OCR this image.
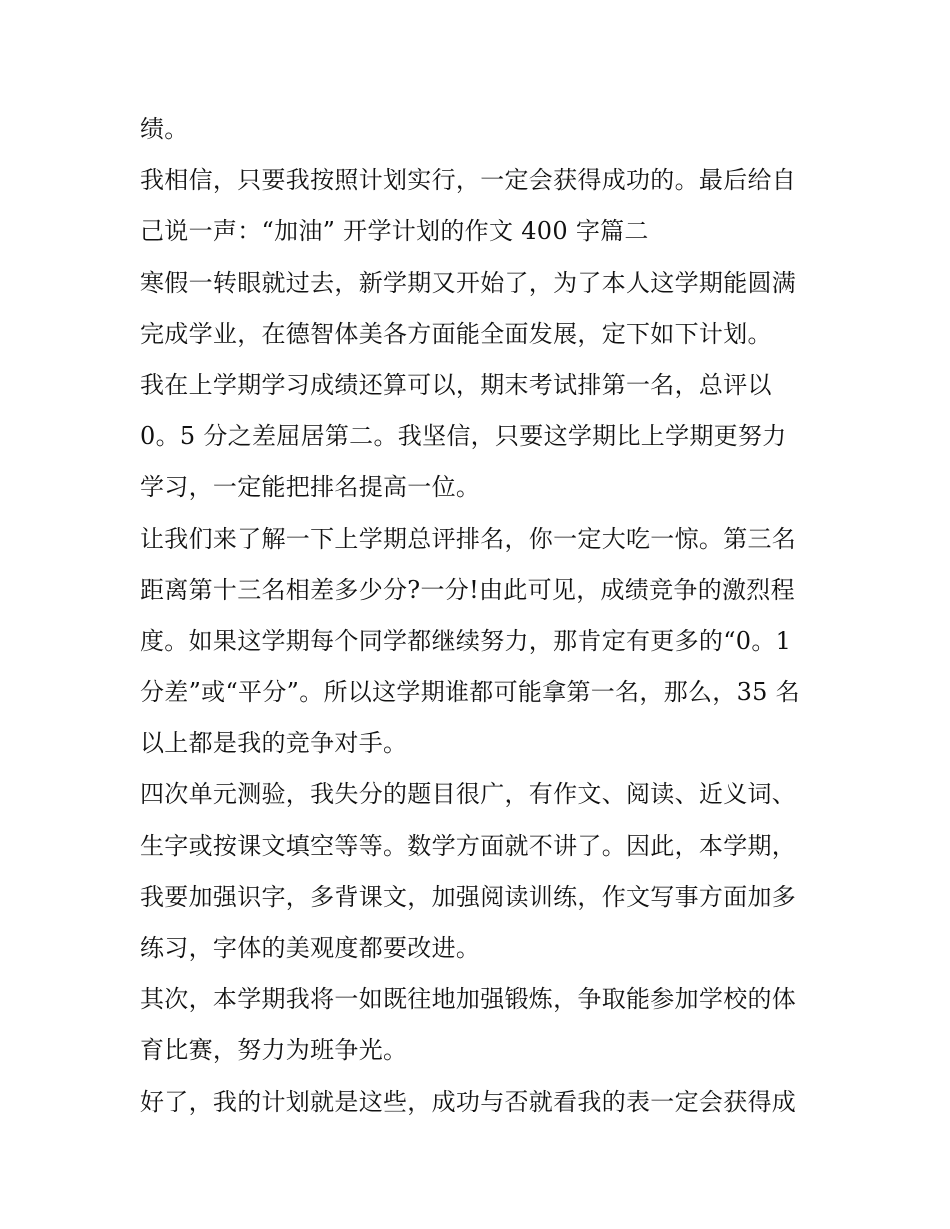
绩。
我相信，只要我按照计划实行，一定会获得成功的。最后给自
己说一声：“加油” 开学计划的作文 400 字篇二
寒假一转眼就过去，新学期又开始了，为了本人这学期能圆满
完成学业，在德智体美各方面能全面发展，定下如下计划。
我在上学期学习成绩还算可以，期末考试排第一名，总评以
0。5 分之差屈居第二。我坚信，只要这学期比上学期更努力
学习，一定能把排名提高一位。
让我们来了解一下上学期总评排名，你一定大吃一惊。第三名
距离第十三名相差多少分?一分!由此可见，成绩竞争的激烈程
度。如果这学期每个同学都继续努力，那肯定有更多的“0。1
分差”或“平分”。所以这学期谁都可能拿第一名，那么，35 名
以上都是我的竞争对手。
四次单元测验，我失分的题目很广，有作文、阅读、近义词、
生字或按课文填空等等。数学方面就不讲了。因此，本学期，
我要加强识字，多背课文，加强阅读训练，作文写事方面加多
练习，字体的美观度都要改进。
其次，本学期我将一如既往地加强锻炼，争取能参加学校的体
育比赛，努力为班争光。
好了，我的计划就是这些，成功与否就看我的表一定会获得成
